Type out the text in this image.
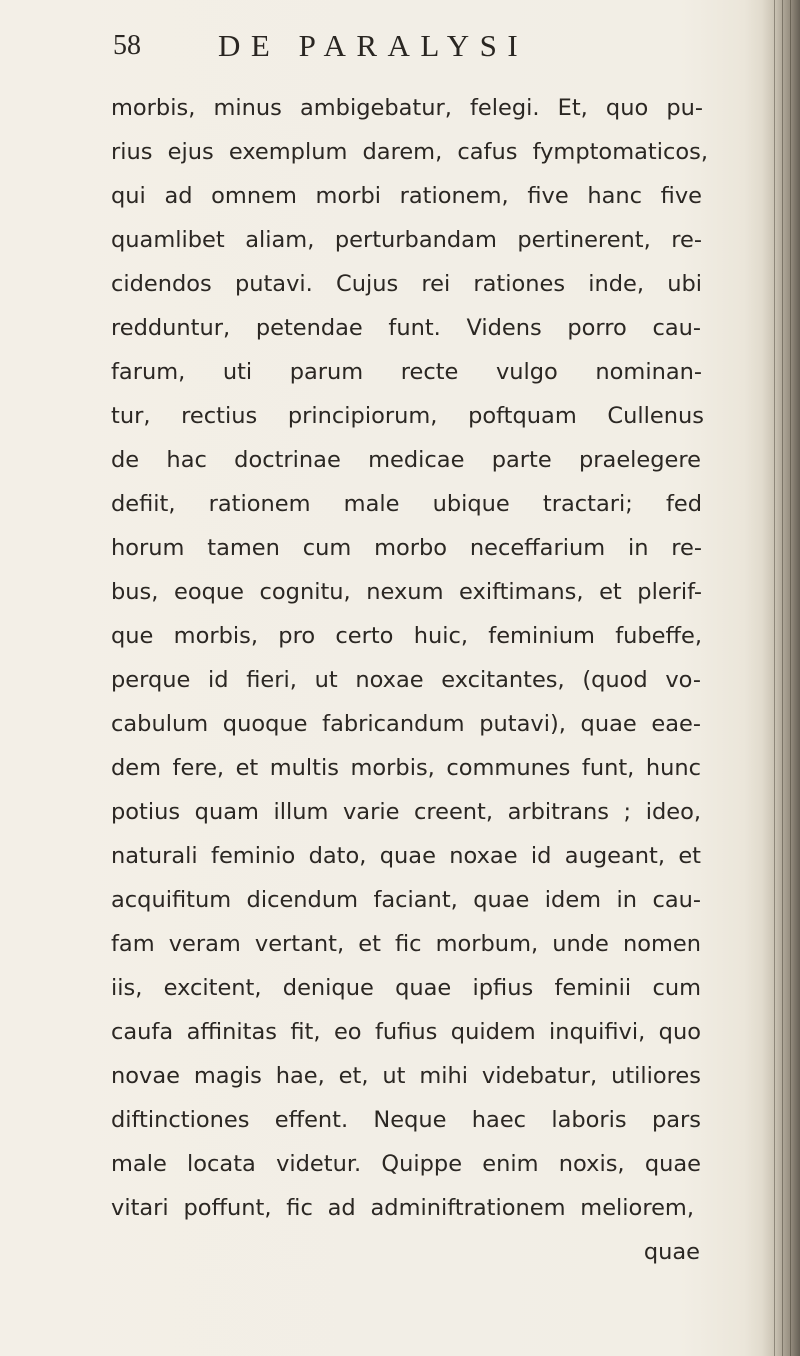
58 DE PARALYSI
morbis, minus ambigebatur, felegi. Et, quo pu-
rius ejus exemplum darem, cafus fymptomaticos,
qui ad omnem morbi rationem, five hanc five
quamlibet aliam, perturbandam pertinerent, re-
cidendos putavi. Cujus rei rationes inde, ubi
redduntur, petendae funt. Videns porro cau-
farum, uti parum recte vulgo nominan-
tur, rectius principiorum, poftquam Cullenus
de hac doctrinae medicae parte praelegere
defiit, rationem male ubique tractari; fed
horum tamen cum morbo neceffarium in re-
bus, eoque cognitu, nexum exiftimans, et plerif-
que morbis, pro certo huic, feminium fubeffe,
perque id fieri, ut noxae excitantes, (quod vo-
cabulum quoque fabricandum putavi), quae eae-
dem fere, et multis morbis, communes funt, hunc
potius quam illum varie creent, arbitrans ; ideo,
naturali feminio dato, quae noxae id augeant, et
acquifitum dicendum faciant, quae idem in cau-
fam veram vertant, et fic morbum, unde nomen
iis, excitent, denique quae ipfius feminii cum
caufa affinitas fit, eo fufius quidem inquifivi, quo
novae magis hae, et, ut mihi videbatur, utiliores
diftinctiones effent. Neque haec laboris pars
male locata videtur. Quippe enim noxis, quae
vitari poffunt, fic ad adminiftrationem meliorem,
quae
